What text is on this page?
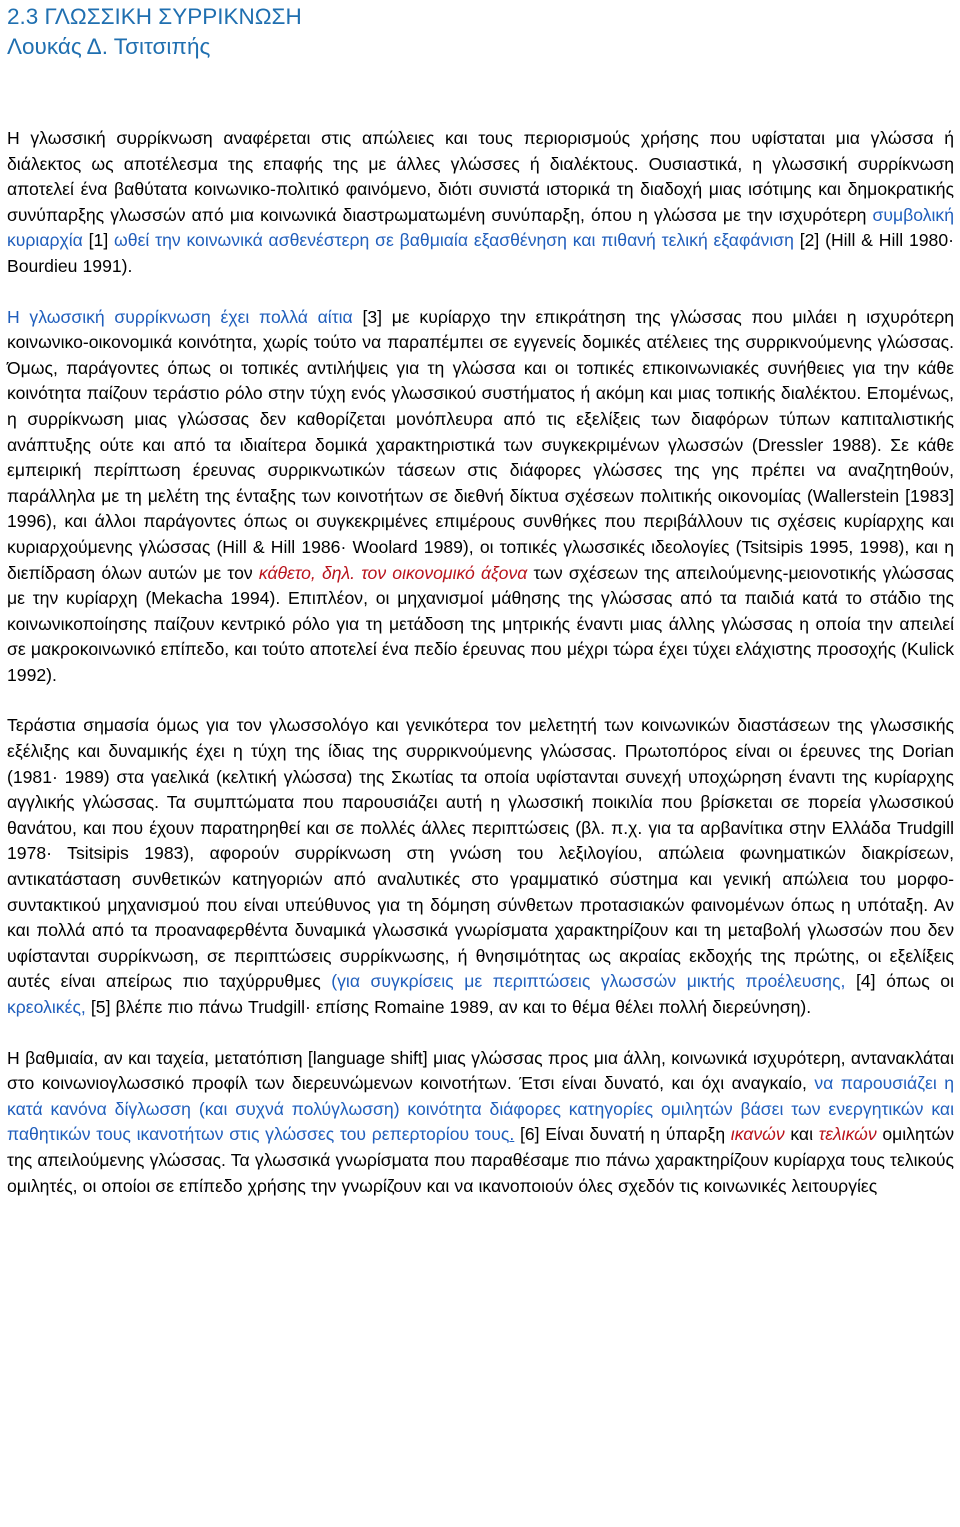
2.3 ΓΛΩΣΣΙΚΗ ΣΥΡΡΙΚΝΩΣΗ
Λουκάς Δ. Τσιτσιπής

Η γλωσσική συρρίκνωση αναφέρεται στις απώλειες και τους περιορισμούς χρήσης που υφίσταται μια γλώσσα ή διάλεκτος ως αποτέλεσμα της επαφής της με άλλες γλώσσες ή διαλέκτους. Ουσιαστικά, η γλωσσική συρρίκνωση αποτελεί ένα βαθύτατα κοινωνικο-πολιτικό φαινόμενο, διότι συνιστά ιστορικά τη διαδοχή μιας ισότιμης και δημοκρατικής συνύπαρξης γλωσσών από μια κοινωνικά διαστρωματωμένη συνύπαρξη, όπου η γλώσσα με την ισχυρότερη συμβολική κυριαρχία [1] ωθεί την κοινωνικά ασθενέστερη σε βαθμιαία εξασθένηση και πιθανή τελική εξαφάνιση [2] (Hill & Hill 1980· Bourdieu 1991).

Η γλωσσική συρρίκνωση έχει πολλά αίτια [3] με κυρίαρχο την επικράτηση της γλώσσας που μιλάει η ισχυρότερη κοινωνικο-οικονομικά κοινότητα, χωρίς τούτο να παραπέμπει σε εγγενείς δομικές ατέλειες της συρρικνούμενης γλώσσας. Όμως, παράγοντες όπως οι τοπικές αντιλήψεις για τη γλώσσα και οι τοπικές επικοινωνιακές συνήθειες για την κάθε κοινότητα παίζουν τεράστιο ρόλο στην τύχη ενός γλωσσικού συστήματος ή ακόμη και μιας τοπικής διαλέκτου. Επομένως, η συρρίκνωση μιας γλώσσας δεν καθορίζεται μονόπλευρα από τις εξελίξεις των διαφόρων τύπων καπιταλιστικής ανάπτυξης ούτε και από τα ιδιαίτερα δομικά χαρακτηριστικά των συγκεκριμένων γλωσσών (Dressler 1988). Σε κάθε εμπειρική περίπτωση έρευνας συρρικνωτικών τάσεων στις διάφορες γλώσσες της γης πρέπει να αναζητηθούν, παράλληλα με τη μελέτη της ένταξης των κοινοτήτων σε διεθνή δίκτυα σχέσεων πολιτικής οικονομίας (Wallerstein [1983] 1996), και άλλοι παράγοντες όπως οι συγκεκριμένες επιμέρους συνθήκες που περιβάλλουν τις σχέσεις κυρίαρχης και κυριαρχούμενης γλώσσας (Hill & Hill 1986· Woolard 1989), οι τοπικές γλωσσικές ιδεολογίες (Tsitsipis 1995, 1998), και η διεπίδραση όλων αυτών με τον κάθετο, δηλ. τον οικονομικό άξονα των σχέσεων της απειλούμενης-μειονοτικής γλώσσας με την κυρίαρχη (Mekacha 1994). Επιπλέον, οι μηχανισμοί μάθησης της γλώσσας από τα παιδιά κατά το στάδιο της κοινωνικοποίησης παίζουν κεντρικό ρόλο για τη μετάδοση της μητρικής έναντι μιας άλλης γλώσσας η οποία την απειλεί σε μακροκοινωνικό επίπεδο, και τούτο αποτελεί ένα πεδίο έρευνας που μέχρι τώρα έχει τύχει ελάχιστης προσοχής (Kulick 1992).

Τεράστια σημασία όμως για τον γλωσσολόγο και γενικότερα τον μελετητή των κοινωνικών διαστάσεων της γλωσσικής εξέλιξης και δυναμικής έχει η τύχη της ίδιας της συρρικνούμενης γλώσσας. Πρωτοπόρος είναι οι έρευνες της Dorian (1981· 1989) στα γαελικά (κελτική γλώσσα) της Σκωτίας τα οποία υφίστανται συνεχή υποχώρηση έναντι της κυρίαρχης αγγλικής γλώσσας. Τα συμπτώματα που παρουσιάζει αυτή η γλωσσική ποικιλία που βρίσκεται σε πορεία γλωσσικού θανάτου, και που έχουν παρατηρηθεί και σε πολλές άλλες περιπτώσεις (βλ. π.χ. για τα αρβανίτικα στην Ελλάδα Trudgill 1978· Tsitsipis 1983), αφορούν συρρίκνωση στη γνώση του λεξιλογίου, απώλεια φωνηματικών διακρίσεων, αντικατάσταση συνθετικών κατηγοριών από αναλυτικές στο γραμματικό σύστημα και γενική απώλεια του μορφο-συντακτικού μηχανισμού που είναι υπεύθυνος για τη δόμηση σύνθετων προτασιακών φαινομένων όπως η υπόταξη. Αν και πολλά από τα προαναφερθέντα δυναμικά γλωσσικά γνωρίσματα χαρακτηρίζουν και τη μεταβολή γλωσσών που δεν υφίστανται συρρίκνωση, σε περιπτώσεις συρρίκνωσης, ή θνησιμότητας ως ακραίας εκδοχής της πρώτης, οι εξελίξεις αυτές είναι απείρως πιο ταχύρρυθμες (για συγκρίσεις με περιπτώσεις γλωσσών μικτής προέλευσης, [4] όπως οι κρεολικές, [5] βλέπε πιο πάνω Trudgill· επίσης Romaine 1989, αν και το θέμα θέλει πολλή διερεύνηση).

Η βαθμιαία, αν και ταχεία, μετατόπιση [language shift] μιας γλώσσας προς μια άλλη, κοινωνικά ισχυρότερη, αντανακλάται στο κοινωνιογλωσσικό προφίλ των διερευνώμενων κοινοτήτων. Έτσι είναι δυνατό, και όχι αναγκαίο, να παρουσιάζει η κατά κανόνα δίγλωσση (και συχνά πολύγλωσση) κοινότητα διάφορες κατηγορίες ομιλητών βάσει των ενεργητικών και παθητικών τους ικανοτήτων στις γλώσσες του ρεπερτορίου τους. [6] Είναι δυνατή η ύπαρξη ικανών και τελικών ομιλητών της απειλούμενης γλώσσας. Τα γλωσσικά γνωρίσματα που παραθέσαμε πιο πάνω χαρακτηρίζουν κυρίαρχα τους τελικούς ομιλητές, οι οποίοι σε επίπεδο χρήσης την γνωρίζουν και να ικανοποιούν όλες σχεδόν τις κοινωνικές λειτουργίες
